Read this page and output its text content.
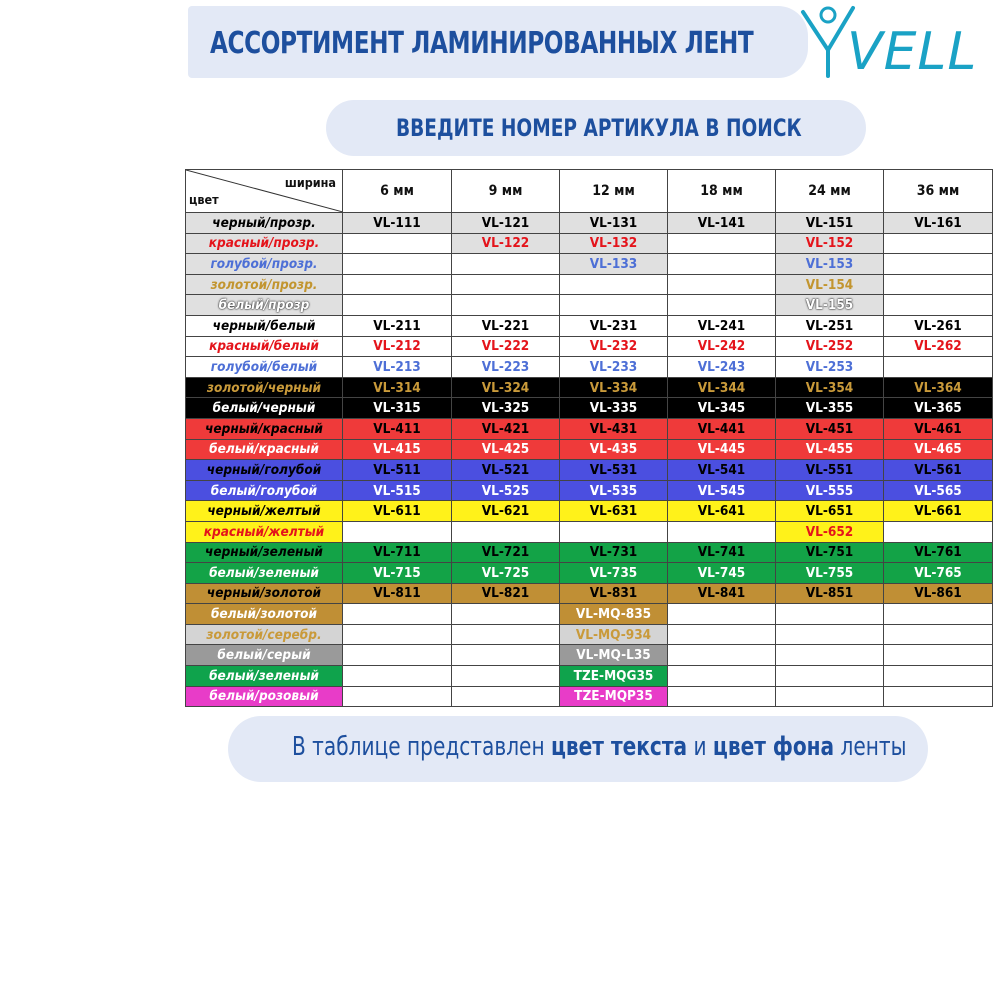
АССОРТИМЕНТ ЛАМИНИРОВАННЫХ ЛЕНТ VELL
ВВЕДИТЕ НОМЕР АРТИКУЛА В ПОИСК
ширина
цвет	6 мм	9 мм	12 мм	18 мм	24 мм	36 мм
черный/прозр.	VL-111	VL-121	VL-131	VL-141	VL-151	VL-161
красный/прозр.		VL-122	VL-132		VL-152	
голубой/прозр.			VL-133		VL-153	
золотой/прозр.					VL-154	
белый/прозр					VL-155	
черный/белый	VL-211	VL-221	VL-231	VL-241	VL-251	VL-261
красный/белый	VL-212	VL-222	VL-232	VL-242	VL-252	VL-262
голубой/белый	VL-213	VL-223	VL-233	VL-243	VL-253	
золотой/черный	VL-314	VL-324	VL-334	VL-344	VL-354	VL-364
белый/черный	VL-315	VL-325	VL-335	VL-345	VL-355	VL-365
черный/красный	VL-411	VL-421	VL-431	VL-441	VL-451	VL-461
белый/красный	VL-415	VL-425	VL-435	VL-445	VL-455	VL-465
черный/голубой	VL-511	VL-521	VL-531	VL-541	VL-551	VL-561
белый/голубой	VL-515	VL-525	VL-535	VL-545	VL-555	VL-565
черный/желтый	VL-611	VL-621	VL-631	VL-641	VL-651	VL-661
красный/желтый					VL-652	
черный/зеленый	VL-711	VL-721	VL-731	VL-741	VL-751	VL-761
белый/зеленый	VL-715	VL-725	VL-735	VL-745	VL-755	VL-765
черный/золотой	VL-811	VL-821	VL-831	VL-841	VL-851	VL-861
белый/золотой			VL-MQ-835			
золотой/серебр.			VL-MQ-934			
белый/серый			VL-MQ-L35			
белый/зеленый			TZE-MQG35			
белый/розовый			TZE-MQP35			
В таблице представлен цвет текста и цвет фона ленты
